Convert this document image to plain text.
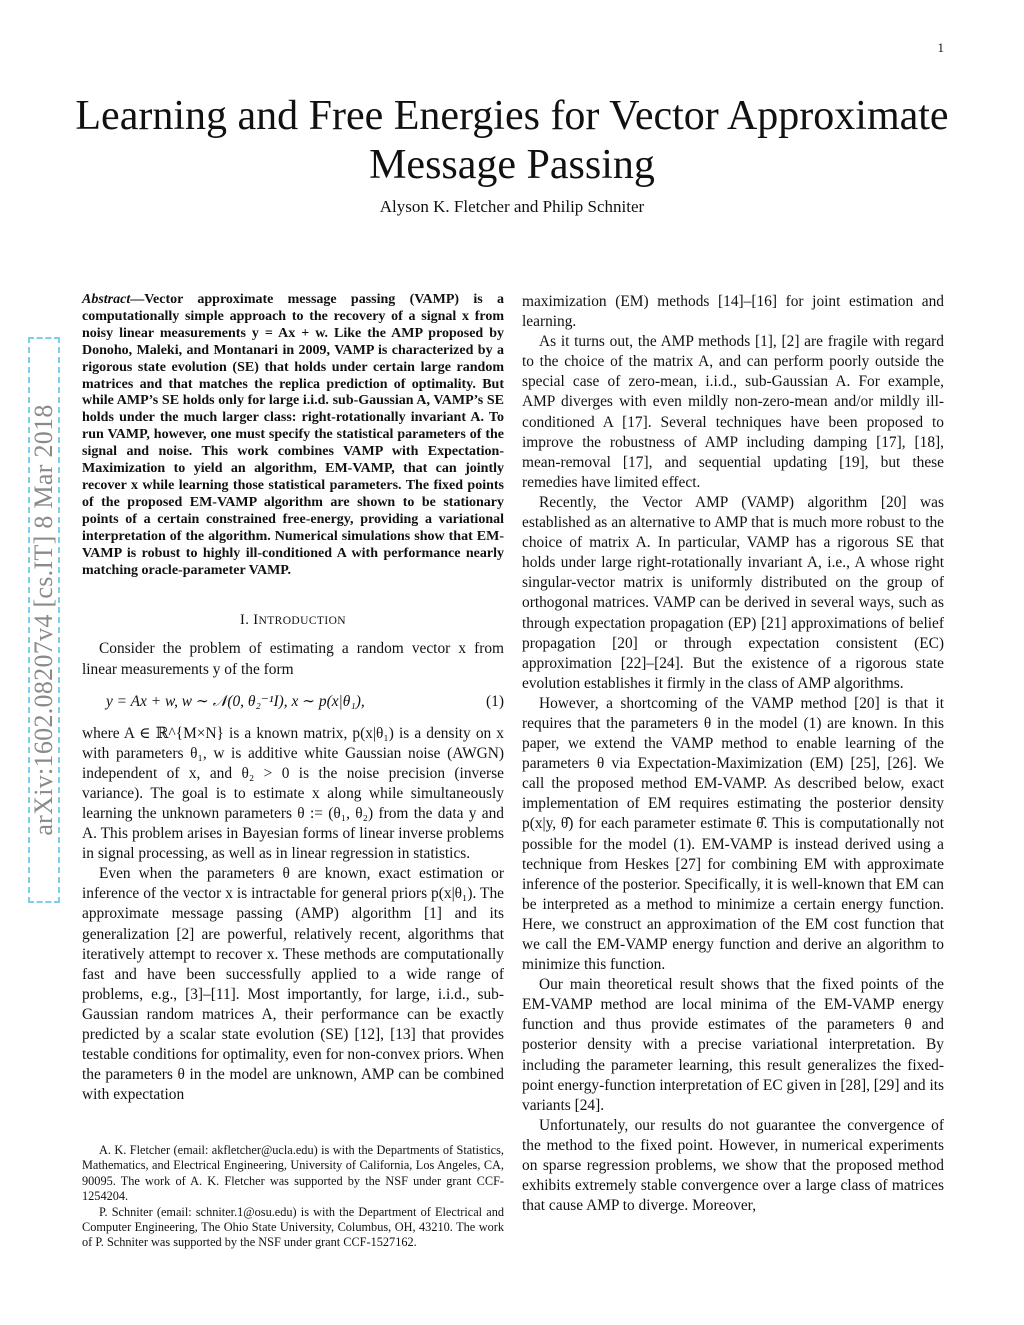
1
arXiv:1602.08207v4 [cs.IT] 8 Mar 2018
Learning and Free Energies for Vector Approximate Message Passing
Alyson K. Fletcher and Philip Schniter

Abstract—Vector approximate message passing (VAMP) is a computationally simple approach to the recovery of a signal x from noisy linear measurements y = Ax + w. Like the AMP proposed by Donoho, Maleki, and Montanari in 2009, VAMP is characterized by a rigorous state evolution (SE) that holds under certain large random matrices and that matches the replica prediction of optimality. But while AMP’s SE holds only for large i.i.d. sub-Gaussian A, VAMP’s SE holds under the much larger class: right-rotationally invariant A. To run VAMP, however, one must specify the statistical parameters of the signal and noise. This work combines VAMP with Expectation-Maximization to yield an algorithm, EM-VAMP, that can jointly recover x while learning those statistical parameters. The fixed points of the proposed EM-VAMP algorithm are shown to be stationary points of a certain constrained free-energy, providing a variational interpretation of the algorithm. Numerical simulations show that EM-VAMP is robust to highly ill-conditioned A with performance nearly matching oracle-parameter VAMP.

I. INTRODUCTION

Consider the problem of estimating a random vector x from linear measurements y of the form

y = Ax + w, w ∼ 𝒩(0, θ₂⁻¹I), x ∼ p(x|θ₁),	(1)

where A ∈ ℝ^{M×N} is a known matrix, p(x|θ₁) is a density on x with parameters θ₁, w is additive white Gaussian noise (AWGN) independent of x, and θ₂ > 0 is the noise precision (inverse variance). The goal is to estimate x along while simultaneously learning the unknown parameters θ := (θ₁, θ₂) from the data y and A. This problem arises in Bayesian forms of linear inverse problems in signal processing, as well as in linear regression in statistics.

Even when the parameters θ are known, exact estimation or inference of the vector x is intractable for general priors p(x|θ₁). The approximate message passing (AMP) algorithm [1] and its generalization [2] are powerful, relatively recent, algorithms that iteratively attempt to recover x. These methods are computationally fast and have been successfully applied to a wide range of problems, e.g., [3]–[11]. Most importantly, for large, i.i.d., sub-Gaussian random matrices A, their performance can be exactly predicted by a scalar state evolution (SE) [12], [13] that provides testable conditions for optimality, even for non-convex priors. When the parameters θ in the model are unknown, AMP can be combined with expectation

A. K. Fletcher (email: akfletcher@ucla.edu) is with the Departments of Statistics, Mathematics, and Electrical Engineering, University of California, Los Angeles, CA, 90095. The work of A. K. Fletcher was supported by the NSF under grant CCF-1254204.

P. Schniter (email: schniter.1@osu.edu) is with the Department of Electrical and Computer Engineering, The Ohio State University, Columbus, OH, 43210. The work of P. Schniter was supported by the NSF under grant CCF-1527162.

maximization (EM) methods [14]–[16] for joint estimation and learning.

As it turns out, the AMP methods [1], [2] are fragile with regard to the choice of the matrix A, and can perform poorly outside the special case of zero-mean, i.i.d., sub-Gaussian A. For example, AMP diverges with even mildly non-zero-mean and/or mildly ill-conditioned A [17]. Several techniques have been proposed to improve the robustness of AMP including damping [17], [18], mean-removal [17], and sequential updating [19], but these remedies have limited effect.

Recently, the Vector AMP (VAMP) algorithm [20] was established as an alternative to AMP that is much more robust to the choice of matrix A. In particular, VAMP has a rigorous SE that holds under large right-rotationally invariant A, i.e., A whose right singular-vector matrix is uniformly distributed on the group of orthogonal matrices. VAMP can be derived in several ways, such as through expectation propagation (EP) [21] approximations of belief propagation [20] or through expectation consistent (EC) approximation [22]–[24]. But the existence of a rigorous state evolution establishes it firmly in the class of AMP algorithms.

However, a shortcoming of the VAMP method [20] is that it requires that the parameters θ in the model (1) are known. In this paper, we extend the VAMP method to enable learning of the parameters θ via Expectation-Maximization (EM) [25], [26]. We call the proposed method EM-VAMP. As described below, exact implementation of EM requires estimating the posterior density p(x|y, θ̂) for each parameter estimate θ̂. This is computationally not possible for the model (1). EM-VAMP is instead derived using a technique from Heskes [27] for combining EM with approximate inference of the posterior. Specifically, it is well-known that EM can be interpreted as a method to minimize a certain energy function. Here, we construct an approximation of the EM cost function that we call the EM-VAMP energy function and derive an algorithm to minimize this function.

Our main theoretical result shows that the fixed points of the EM-VAMP method are local minima of the EM-VAMP energy function and thus provide estimates of the parameters θ and posterior density with a precise variational interpretation. By including the parameter learning, this result generalizes the fixed-point energy-function interpretation of EC given in [28], [29] and its variants [24].

Unfortunately, our results do not guarantee the convergence of the method to the fixed point. However, in numerical experiments on sparse regression problems, we show that the proposed method exhibits extremely stable convergence over a large class of matrices that cause AMP to diverge. Moreover,
